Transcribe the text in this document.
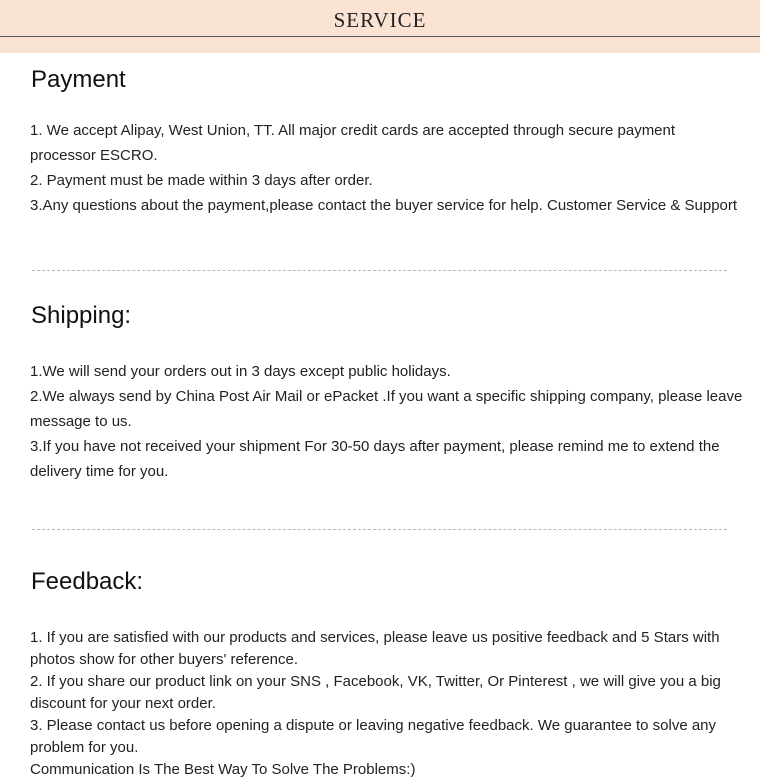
SERVICE
Payment

1. We accept Alipay, West Union, TT. All major credit cards are accepted through secure payment processor ESCRO.

2. Payment must be made within 3 days after order.

3.Any questions about the payment,please contact the buyer service for help. Customer Service & Support

Shipping:

1.We will send your orders out in 3 days except public holidays.

2.We always send by China Post Air Mail or ePacket .If you want a specific shipping company, please leave message to us.

3.If you have not received your shipment For 30-50 days after payment, please remind me to extend the delivery time for you.

Feedback:

1. If you are satisfied with our products and services, please leave us positive feedback and 5 Stars with photos show for other buyers' reference.

2. If you share our product link on your SNS , Facebook, VK, Twitter, Or Pinterest , we will give you a big discount for your next order.

3. Please contact us before opening a dispute or leaving negative feedback. We guarantee to solve any problem for you.

Communication Is The Best Way To Solve The Problems:)
